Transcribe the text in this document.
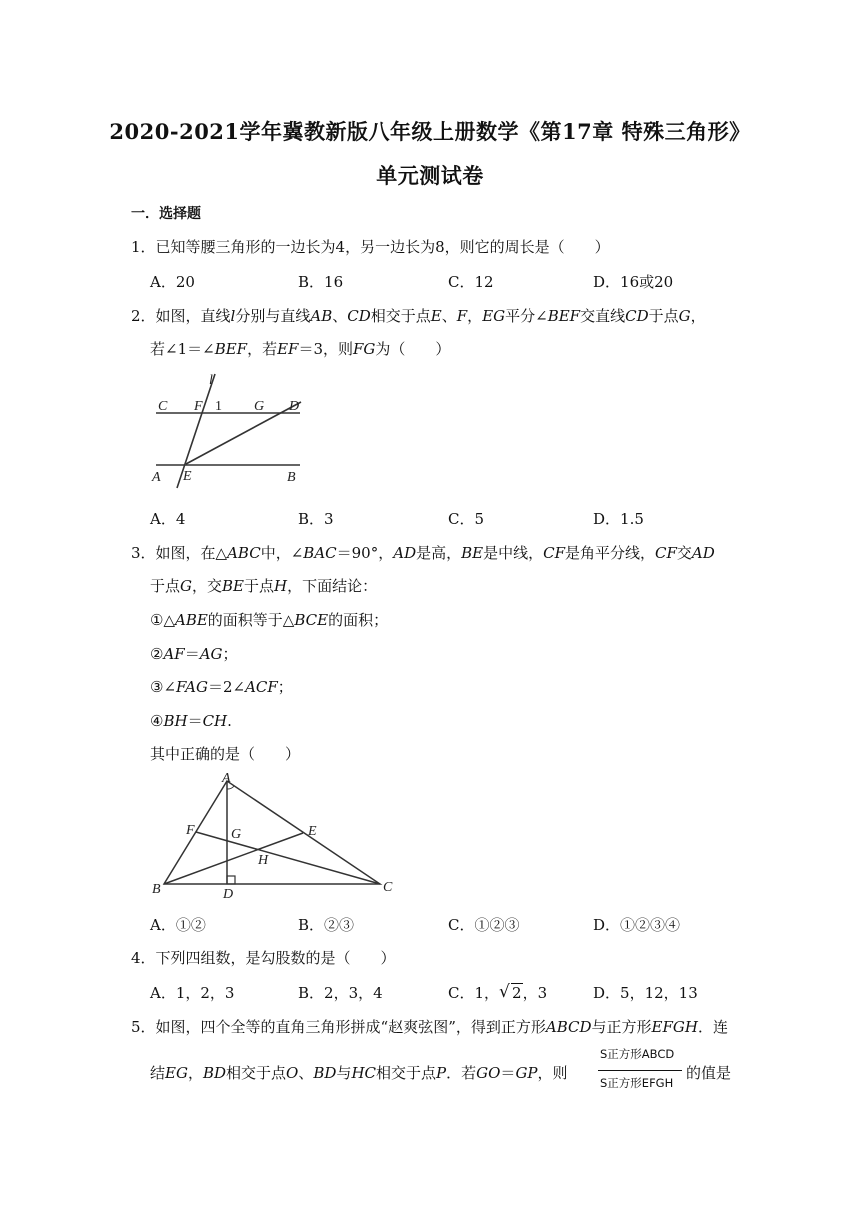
2020-2021学年冀教新版八年级上册数学《第17章 特殊三角形》
单元测试卷
一．选择题
1．已知等腰三角形的一边长为4，另一边长为8，则它的周长是（　　）
A．20	B．16	C．12	D．16或20
2．如图，直线l分别与直线AB、CD相交于点E、F，EG平分∠BEF交直线CD于点G，
若∠1＝∠BEF，若EF＝3，则FG为（　　）
l
C F 1 G D
A E	B
A．4	B．3	C．5	D．1.5
3．如图，在△ABC中，∠BAC＝90°，AD是高，BE是中线，CF是角平分线，CF交AD
于点G，交BE于点H，下面结论：
①△ABE的面积等于△BCE的面积；
②AF＝AG；
③∠FAG＝2∠ACF；
④BH＝CH.
其中正确的是（　　）
A
F	G	E
H
B	D	C
A．①②	B．②③	C．①②③	D．①②③④
4．下列四组数，是勾股数的是（　　）
A．1，2，3	B．2，3，4	C．1， √ 2，3	D．5，12，13
5．如图，四个全等的直角三角形拼成“赵爽弦图”，得到正方形ABCD与正方形EFGH．连
结EG，BD相交于点O、BD与HC相交于点P．若GO＝GP，则
S正方形ABCD
S正方形EFGH
的值是
